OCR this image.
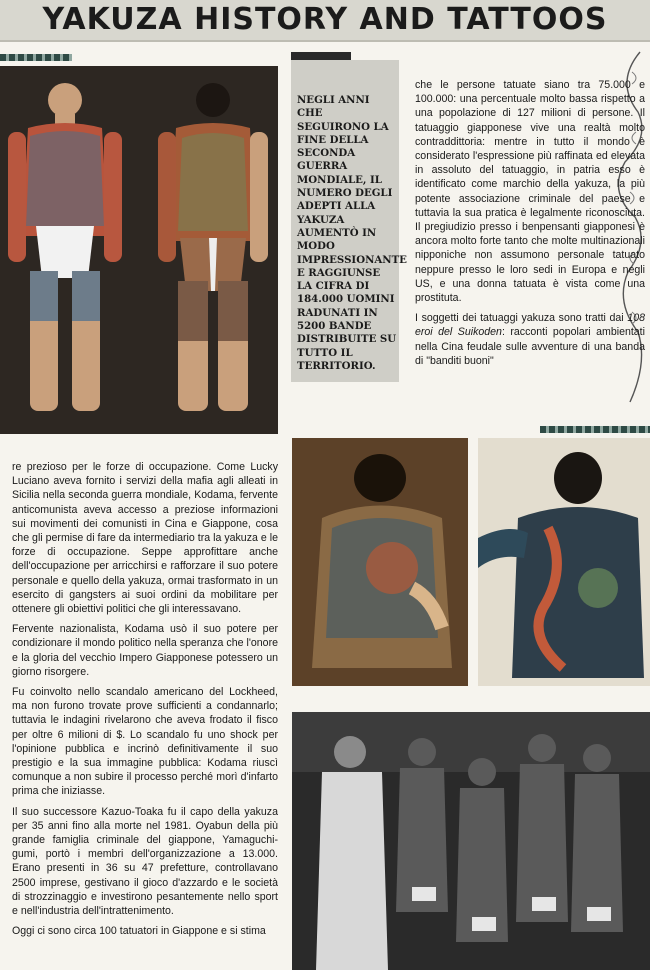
YAKUZA HISTORY AND TATTOOS
NEGLI ANNI CHE SEGUIRONO LA FINE DELLA SECONDA GUERRA MONDIALE, IL NUMERO DEGLI ADEPTI ALLA YAKUZA AUMENTÒ IN MODO IMPRESSIONANTE E RAGGIUNSE LA CIFRA DI 184.000 UOMINI RADUNATI IN 5200 BANDE DISTRIBUITE SU TUTTO IL TERRITORIO.

che le persone tatuate siano tra 75.000 e 100.000: una percentuale molto bassa rispetto a una popolazione di 127 milioni di persone. Il tatuaggio giapponese vive una realtà molto contraddittoria: mentre in tutto il mondo è considerato l'espressione più raffinata ed elevata in assoluto del tatuaggio, in patria esso è identificato come marchio della yakuza, la più potente associazione criminale del paese e tuttavia la sua pratica è legalmente riconosciuta. Il pregiudizio presso i benpensanti giapponesi è ancora molto forte tanto che molte multinazionali nipponiche non assumono personale tatuato neppure presso le loro sedi in Europa e negli US, e una donna tatuata è vista come una prostituta.

I soggetti dei tatuaggi yakuza sono tratti dai 108 eroi del Suikoden: racconti popolari ambientati nella Cina feudale sulle avventure di una banda di "banditi buoni"

re prezioso per le forze di occupazione. Come Lucky Luciano aveva fornito i servizi della mafia agli alleati in Sicilia nella seconda guerra mondiale, Kodama, fervente anticomunista aveva accesso a preziose informazioni sui movimenti dei comunisti in Cina e Giappone, cosa che gli permise di fare da intermediario tra la yakuza e le forze di occupazione. Seppe approfittare anche dell'occupazione per arricchirsi e rafforzare il suo potere personale e quello della yakuza, ormai trasformato in un esercito di gangsters ai suoi ordini da mobilitare per ottenere gli obiettivi politici che gli interessavano.

Fervente nazionalista, Kodama usò il suo potere per condizionare il mondo politico nella speranza che l'onore e la gloria del vecchio Impero Giapponese potessero un giorno risorgere.

Fu coinvolto nello scandalo americano del Lockheed, ma non furono trovate prove sufficienti a condannarlo; tuttavia le indagini rivelarono che aveva frodato il fisco per oltre 6 milioni di $. Lo scandalo fu uno shock per l'opinione pubblica e incrinò definitivamente il suo prestigio e la sua immagine pubblica: Kodama riuscì comunque a non subire il processo perché morì d'infarto prima che iniziasse.

Il suo successore Kazuo-Toaka fu il capo della yakuza per 35 anni fino alla morte nel 1981. Oyabun della più grande famiglia criminale del giappone, Yamaguchi-gumi, portò i membri dell'organizzazione a 13.000. Erano presenti in 36 su 47 prefetture, controllavano 2500 imprese, gestivano il gioco d'azzardo e le società di strozzinaggio e investirono pesantemente nello sport e nell'industria dell'intrattenimento.

Oggi ci sono circa 100 tatuatori in Giappone e si stima
